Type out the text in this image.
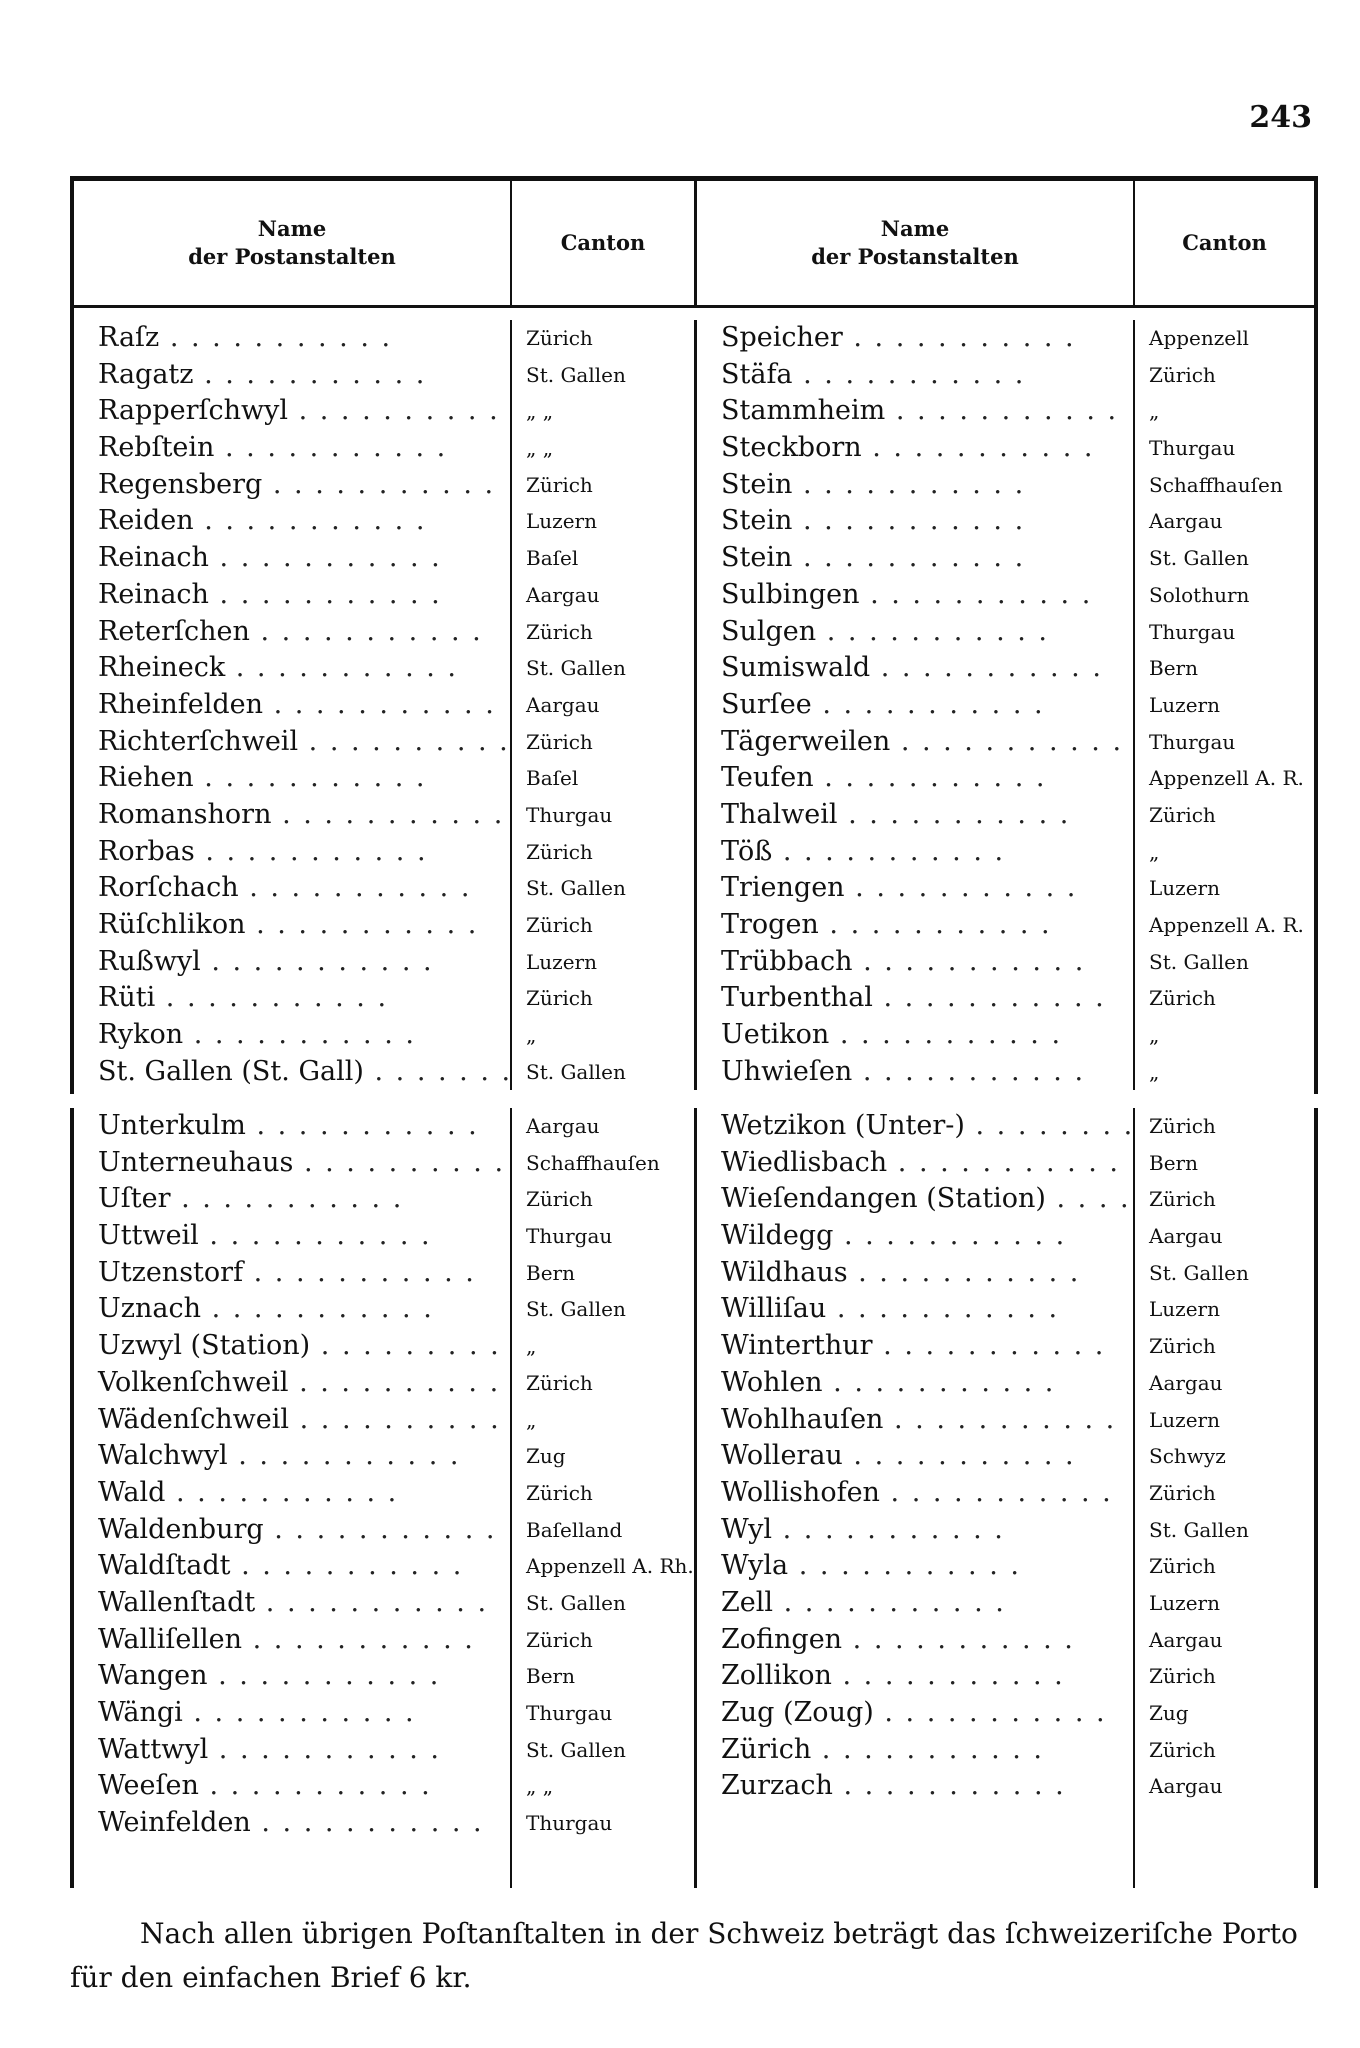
243
Name
der Postanstalten
Canton
Name
der Postanstalten
Canton
Raſz . .
Ragatz . .
Rapperſchwyl . .
Rebſtein . .
Regensberg . .
Reiden . .
Reinach . .
Reinach . .
Reterſchen . .
Rheineck . .
Rheinfelden . .
Richterſchweil . .
Riehen . .
Romanshorn . .
Rorbas . .
Rorſchach . .
Rüſchlikon . .
Rußwyl . .
Rüti . .
Rykon . .
St. Gallen (St. Gall) . .
Zürich
St. Gallen
„ „
„ „
Zürich
Luzern
Baſel
Aargau
Zürich
St. Gallen
Aargau
Zürich
Baſel
Thurgau
Zürich
St. Gallen
Zürich
Luzern
Zürich
„
St. Gallen
Speicher . .
Stäfa . .
Stammheim . .
Steckborn . .
Stein . .
Stein . .
Stein . .
Sulbingen . .
Sulgen . .
Sumiswald . .
Surſee . .
Tägerweilen . .
Teufen . .
Thalweil . .
Töß . .
Triengen . .
Trogen . .
Trübbach . .
Turbenthal . .
Uetikon . .
Uhwieſen . .
Appenzell
Zürich
„
Thurgau
Schaffhauſen
Aargau
St. Gallen
Solothurn
Thurgau
Bern
Luzern
Thurgau
Appenzell A. R.
Zürich
„
Luzern
Appenzell A. R.
St. Gallen
Zürich
„
„
Unterkulm . .
Unterneuhaus . .
Uſter . .
Uttweil . .
Utzenstorf . .
Uznach . .
Uzwyl (Station) . .
Volkenſchweil . .
Wädenſchweil . .
Walchwyl . .
Wald . .
Waldenburg . .
Waldſtadt . .
Wallenſtadt . .
Walliſellen . .
Wangen . .
Wängi . .
Wattwyl . .
Weeſen . .
Weinfelden . .
Aargau
Schaffhauſen
Zürich
Thurgau
Bern
St. Gallen
„
Zürich
„
Zug
Zürich
Baſelland
Appenzell A. Rh.
St. Gallen
Zürich
Bern
Thurgau
St. Gallen
„ „
Thurgau
Wetzikon (Unter-) . .
Wiedlisbach . .
Wieſendangen (Station) . .
Wildegg . .
Wildhaus . .
Williſau . .
Winterthur . .
Wohlen . .
Wohlhauſen . .
Wollerau . .
Wollishofen . .
Wyl . .
Wyla . .
Zell . .
Zofingen . .
Zollikon . .
Zug (Zoug) . .
Zürich . .
Zurzach . .
Zürich
Bern
Zürich
Aargau
St. Gallen
Luzern
Zürich
Aargau
Luzern
Schwyz
Zürich
St. Gallen
Zürich
Luzern
Aargau
Zürich
Zug
Zürich
Aargau
Nach allen übrigen Poſtanſtalten in der Schweiz beträgt das ſchweizeriſche Porto
für den einfachen Brief 6 kr.
